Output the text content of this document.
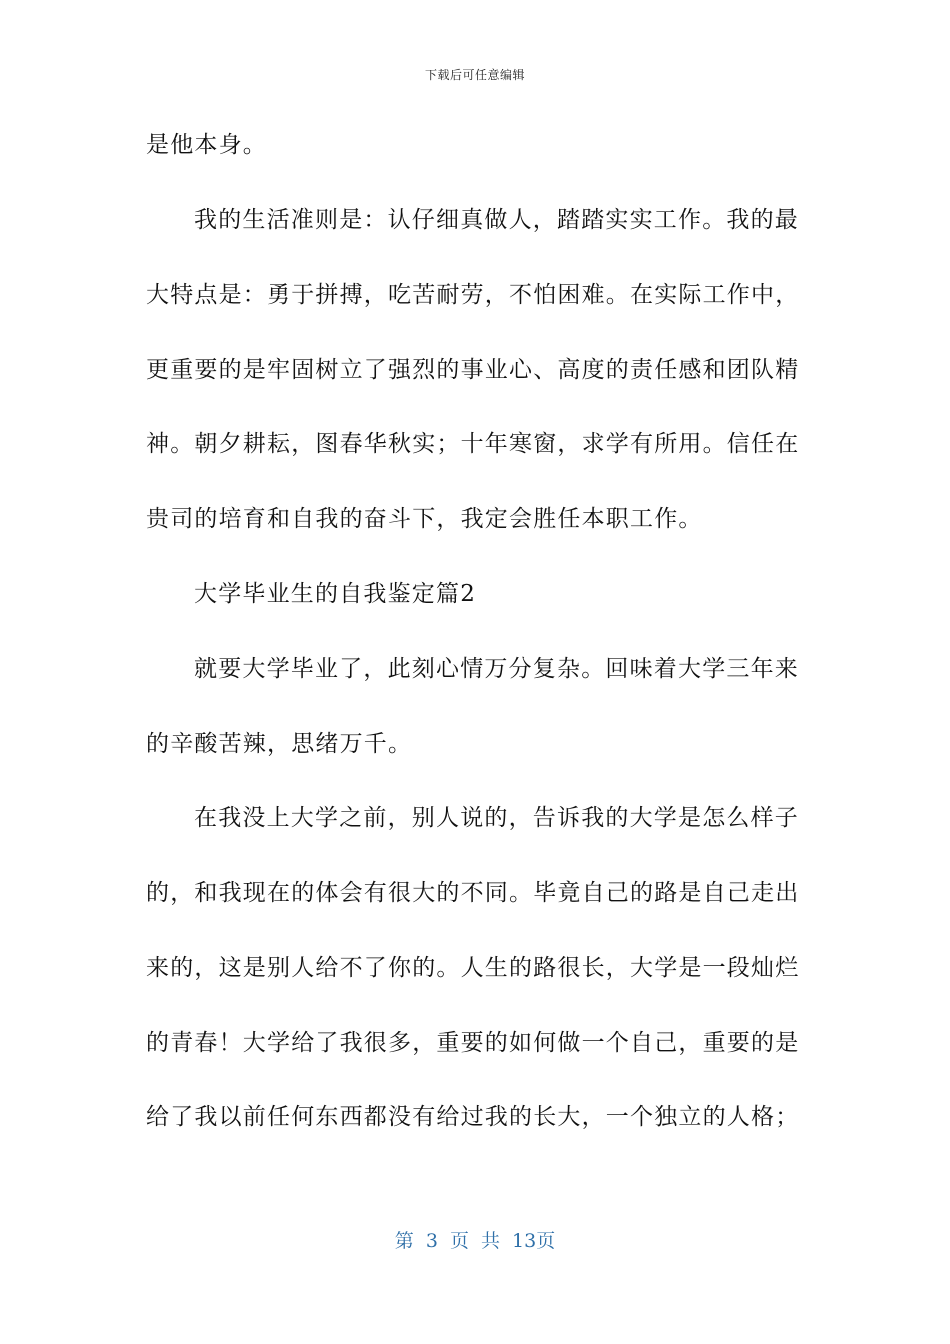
下载后可任意编辑
是他本身。
我的生活准则是：认仔细真做人，踏踏实实工作。我的最
大特点是：勇于拼搏，吃苦耐劳，不怕困难。在实际工作中，
更重要的是牢固树立了强烈的事业心、高度的责任感和团队精
神。朝夕耕耘，图春华秋实；十年寒窗，求学有所用。信任在
贵司的培育和自我的奋斗下，我定会胜任本职工作。
大学毕业生的自我鉴定篇2
就要大学毕业了，此刻心情万分复杂。回味着大学三年来
的辛酸苦辣，思绪万千。
在我没上大学之前，别人说的，告诉我的大学是怎么样子
的，和我现在的体会有很大的不同。毕竟自己的路是自己走出
来的，这是别人给不了你的。人生的路很长，大学是一段灿烂
的青春！大学给了我很多，重要的如何做一个自己，重要的是
给了我以前任何东西都没有给过我的长大，一个独立的人格；
第 3 页 共 13页
